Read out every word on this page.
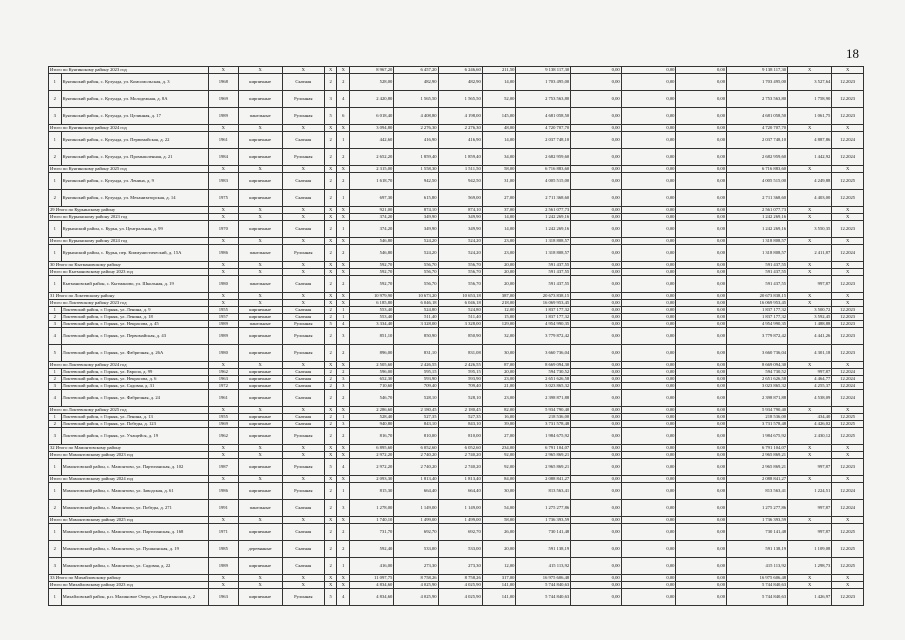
18
Итого по Куягинскому району 2023 год		X	X	X	X	X	8 967,20	6 457,20	6 246,60	211,50	9 138 117,30	0,00	0,00	0,00	9 138 117,30	X	X
1	Куягинский район, с. Кулунда, ул. Комсомольская, д. 3	1968	кирпичные	Скатная	2	2	528,00	482,90	482,90	14,00	1 703 495,00	0,00	0,00	0,00	1 703 495,00	3 527,64	12.2023
2	Куягинский район, с. Кулунда, ул. Молодежная, д. 8А	1969	кирпичные	Рулонная	3	4	2 420,80	1 565,50	1 565,50	52,00	2 753 563,80	0,00	0,00	0,00	2 753 563,80	1 758,90	12.2023
3	Куягинский район, с. Кулунда, ул. Целинная, д. 17	1989	панельные	Рулонная	5	6	6 018,40	4 408,80	4 198,00	145,00	4 681 058,50	0,00	0,00	0,00	4 681 058,50	1 061,75	12.2023
Итого по Куягинскому району 2024 год		X	X	X	X	X	3 094,80	2 276,30	2 276,30	48,00	4 720 707,70	0,00	0,00	0,00	4 720 707,70	X	X
1	Куягинский район, с. Кулунда, ул. Первомайская, д. 22	1961	кирпичные	Скатная	2	1	442,60	416,90	416,90	14,00	2 037 748,10	0,00	0,00	0,00	2 037 748,10	4 887,86	12.2024
2	Куягинский район, с. Кулунда, ул. Промышленная, д. 21	1984	кирпичные	Рулонная	2	2	2 652,20	1 859,40	1 859,40	34,00	2 682 959,60	0,00	0,00	0,00	2 682 959,60	1 442,92	12.2024
Итого по Куягинскому району 2025 год		X	X	X	X	X	2 315,00	1 558,30	1 511,50	58,00	6 716 883,60	0,00	0,00	0,00	6 716 883,60	X	X
1	Куягинский район, с. Кулунда, ул. Ленина, д. 9	1983	кирпичные	Скатная	2	2	1 618,70	942,50	942,50	31,00	4 005 515,00	0,00	0,00	0,00	4 005 515,00	4 249,88	12.2025
2	Куягинский район, с. Кулунда, ул. Механизаторская, д. 14	1975	кирпичные	Скатная	2	1	697,30	615,80	569,00	27,00	2 711 368,60	0,00	0,00	0,00	2 711 368,60	4 403,00	12.2025
29 Итого по Курьинскому району		X	X	X	X	X	921,00	874,10	874,10	37,00	2 561 077,73	0,00	0,00	0,00	2 561 077,73	X	X
Итого по Курьинскому району 2023 год		X	X	X	X	X	374,20	349,90	349,90	14,00	1 242 269,16	0,00	0,00	0,00	1 242 269,16	X	X
1	Курьинский район, с. Курья, ул. Центральная, д. 99	1970	кирпичные	Скатная	2	1	374,20	349,90	349,90	14,00	1 242 269,16	0,00	0,00	0,00	1 242 269,16	3 550,35	12.2023
Итого по Курьинскому району 2024 год		X	X	X	X	X	546,80	524,20	524,20	23,00	1 318 808,57	0,00	0,00	0,00	1 318 808,57	X	X
1	Курьинский район, с. Курья, пер. Коммунистический, д. 15А	1986	панельные	Рулонная	2	2	546,80	524,20	524,20	23,00	1 318 808,57	0,00	0,00	0,00	1 318 808,57	2 411,87	12.2024
30 Итого по Кытмановскому району		X	X	X	X	X	592,70	556,70	556,70	20,00	591 437,55	0,00	0,00	0,00	591 437,55	X	X
Итого по Кытмановскому району 2023 год		X	X	X	X	X	592,70	556,70	556,70	20,00	591 437,55	0,00	0,00	0,00	591 437,55	X	X
1	Кытмановский район, с. Кытманово, ул. Школьная, д. 19	1980	панельные	Скатная	2	2	592,70	556,70	556,70	20,00	591 437,55	0,00	0,00	0,00	591 437,55	997,87	12.2023
31 Итого по Локтевскому району		X	X	X	X	X	10 979,90	10 673,20	10 653,18	387,00	20 673 838,15	0,00	0,00	0,00	20 673 838,15	X	X
Итого по Локтевскому району 2023 год		X	X	X	X	X	6 185,80	6 046,18	6 046,18	218,00	16 069 953,45	0,00	0,00	0,00	16 069 953,45	X	X
1	Локтевский район, г. Горняк, ул. Ленина, д. 9	1955	кирпичные	Скатная	2	1	553,40	524,80	524,80	12,00	1 837 177,32	0,00	0,00	0,00	1 837 177,32	3 500,72	12.2023
2	Локтевский район, г. Горняк, ул. Ленина, д. 18	1957	кирпичные	Скатная	2	1	553,40	511,40	511,40	15,00	1 837 177,32	0,00	0,00	0,00	1 837 177,32	3 592,45	12.2023
3	Локтевский район, г. Горняк, ул. Некрасова, д. 45	1989	панельные	Рулонная	5	4	3 334,40	3 328,00	3 328,00	129,00	4 954 990,35	0,00	0,00	0,00	4 954 990,35	1 488,88	12.2023
4	Локтевский район, г. Горняк, ул. Первомайская, д. 43	1989	кирпичные	Рулонная	2	3	851,10	850,90	850,90	32,00	3 779 872,42	0,00	0,00	0,00	3 779 872,42	4 441,26	12.2023
5	Локтевский район, г. Горняк, ул. Фабричная, д. 26А	1980	кирпичные	Рулонная	2	2	896,00	831,10	831,08	30,00	3 660 736,04	0,00	0,00	0,00	3 660 736,04	4 301,18	12.2023
Итого по Локтевскому району 2024 год		X	X	X	X	X	2 505,60	2 426,55	2 426,55	87,00	8 669 094,30	0,00	0,00	0,00	8 669 094,30	X	X
1	Локтевский район, г. Горняк, ул. Европа, д. 99	1962	кирпичные	Скатная	2	2	596,00	595,15	595,15	20,00	594 730,52	0,00	0,00	0,00	594 730,52	997,87	12.2024
2	Локтевский район, г. Горняк, ул. Некрасова, д. 6	1963	кирпичные	Скатная	2	3	652,30	593,90	593,90	23,00	2 651 626,58	0,00	0,00	0,00	2 651 626,58	4 464,77	12.2024
3	Локтевский район, г. Горняк, ул. Садовая, д. 31	1972	кирпичные	Скатная	2	3	710,60	709,40	709,40	21,00	3 023 865,32	0,00	0,00	0,00	3 023 865,32	4 255,37	12.2024
4	Локтевский район, г. Горняк, ул. Фабричная, д. 24	1961	кирпичные	Скатная	2	2	546,70	528,10	528,10	23,00	2 398 871,88	0,00	0,00	0,00	2 398 871,88	4 538,09	12.2024
Итого по Локтевскому району 2025 год		X	X	X	X	X	2 286,60	2 180,45	2 180,45	82,00	5 934 790,40	0,00	0,00	0,00	5 934 790,40	X	X
1	Локтевский район, г. Горняк, ул. Ленина, д. 13	1955	кирпичные	Скатная	2	1	528,40	527,35	527,35	16,00	218 536,00	0,00	0,00	0,00	218 536,00	434,40	12.2025
2	Локтевский район, г. Горняк, ул. Победы, д. 123	1969	кирпичные	Скатная	2	3	940,80	843,10	843,10	39,00	3 731 578,48	0,00	0,00	0,00	3 731 578,48	4 426,02	12.2025
3	Локтевский район, г. Горняк, ул. Учащейся, д. 19	1962	кирпичные	Рулонная	2	2	816,70	810,00	810,00	27,00	1 984 675,92	0,00	0,00	0,00	1 984 675,92	2 430,12	12.2025
32 Итого по Мамонтовскому району		X	X	X	X	X	6 895,60	6 052,60	6 052,60	234,00	6 791 104,07	0,00	0,00	0,00	6 791 104,07	X	X
Итого по Мамонтовскому району 2023 год		X	X	X	X	X	2 972,20	2 740,20	2 740,20	92,00	2 965 869,21	0,00	0,00	0,00	2 965 869,21	X	X
1	Мамонтовский район, с. Мамонтово, ул. Партизанская, д. 102	1987	кирпичные	Рулонная	5	4	2 972,20	2 740,20	2 740,20	92,00	2 965 869,21	0,00	0,00	0,00	2 965 869,21	997,87	12.2023
Итого по Мамонтовскому району 2024 год		X	X	X	X	X	2 093,30	1 813,40	1 813,40	84,00	2 088 841,27	0,00	0,00	0,00	2 088 841,27	X	X
1	Мамонтовский район, с. Мамонтово, ул. Заводская, д. 61	1986	кирпичные	Рулонная	2	1	815,30	664,40	664,40	30,00	813 563,41	0,00	0,00	0,00	813 563,41	1 224,51	12.2024
2	Мамонтовский район, с. Мамонтово, ул. Победы, д. 271	1991	панельные	Скатная	2	3	1 278,00	1 149,00	1 149,00	54,00	1 275 277,86	0,00	0,00	0,00	1 275 277,86	997,87	12.2024
Итого по Мамонтовскому району 2025 год		X	X	X	X	X	1 740,10	1 499,00	1 499,00	58,00	1 736 393,59	0,00	0,00	0,00	1 736 393,59	X	X
1	Мамонтовский район, с. Мамонтово, ул. Партизанская, д. 168	1971	кирпичные	Скатная	2	2	731,70	692,70	692,70	26,00	730 141,48	0,00	0,00	0,00	730 141,48	997,87	12.2025
2	Мамонтовский район, с. Мамонтово, ул. Пушкинская, д. 19	1985	деревянные	Скатная	2	2	592,40	533,00	533,00	20,00	591 138,19	0,00	0,00	0,00	591 138,19	1 109,08	12.2025
3	Мамонтовский район, с. Мамонтово, ул. Садовая, д. 22	1989	кирпичные	Скатная	2	1	416,00	273,30	273,30	12,00	415 113,92	0,00	0,00	0,00	415 113,92	1 298,73	12.2025
33 Итого по Михайловскому району		X	X	X	X	X	11 097,75	8 758,26	8 758,26	317,00	16 975 606,48	0,00	0,00	0,00	16 975 606,48	X	X
Итого по Михайловскому району 2023 год		X	X	X	X	X	4 834,60	4 025,90	4 025,90	141,00	5 744 840,63	0,00	0,00	0,00	5 744 840,63	X	X
1	Михайловский район, р.п. Малиновое Озеро, ул. Партизанская, д. 2	1963	кирпичные	Рулонная	5	4	4 834,60	4 025,90	4 025,90	141,00	5 744 840,63	0,00	0,00	0,00	5 744 840,63	1 426,97	12.2023
